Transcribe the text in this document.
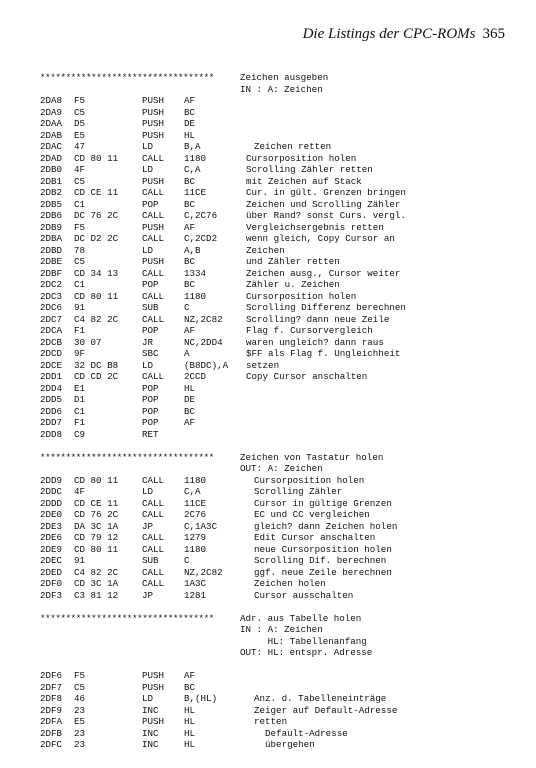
Die Listings der CPC-ROMs 365
**********************************	Zeichen ausgeben
IN : A: Zeichen
2DA8	F5	PUSH	AF
2DA9	C5	PUSH	BC
2DAA	D5	PUSH	DE
2DAB	E5	PUSH	HL
2DAC	47	LD	B,A	Zeichen retten
2DAD	CD 80 11	CALL	1180	Cursorposition holen
2DB0	4F	LD	C,A	Scrolling Zähler retten
2DB1	C5	PUSH	BC	mit Zeichen auf Stack
2DB2	CD CE 11	CALL	11CE	Cur. in gült. Grenzen bringen
2DB5	C1	POP	BC	Zeichen und Scrolling Zähler
2DB6	DC 76 2C	CALL	C,2C76	über Rand? sonst Curs. vergl.
2DB9	F5	PUSH	AF	Vergleichsergebnis retten
2DBA	DC D2 2C	CALL	C,2CD2	wenn gleich, Copy Cursor an
2DBD	78	LD	A,B	Zeichen
2DBE	C5	PUSH	BC	und Zähler retten
2DBF	CD 34 13	CALL	1334	Zeichen ausg., Cursor weiter
2DC2	C1	POP	BC	Zähler u. Zeichen
2DC3	CD 80 11	CALL	1180	Cursorposition holen
2DC6	91	SUB	C	Scrolling Differenz berechnen
2DC7	C4 82 2C	CALL	NZ,2C82	Scrolling? dann neue Zeile
2DCA	F1	POP	AF	Flag f. Cursorvergleich
2DCB	30 07	JR	NC,2DD4	waren ungleich? dann raus
2DCD	9F	SBC	A	$FF als Flag f. Ungleichheit
2DCE	32 DC B8	LD	(B8DC),A	setzen
2DD1	CD CD 2C	CALL	2CCD	Copy Cursor anschalten
2DD4	E1	POP	HL
2DD5	D1	POP	DE
2DD6	C1	POP	BC
2DD7	F1	POP	AF
2DD8	C9	RET
**********************************	Zeichen von Tastatur holen
OUT: A: Zeichen
2DD9	CD 80 11	CALL	1180	Cursorposition holen
2DDC	4F	LD	C,A	Scrolling Zähler
2DDD	CD CE 11	CALL	11CE	Cursor in gültige Grenzen
2DE0	CD 76 2C	CALL	2C76	EC und CC vergleichen
2DE3	DA 3C 1A	JP	C,1A3C	gleich? dann Zeichen holen
2DE6	CD 79 12	CALL	1279	Edit Cursor anschalten
2DE9	CD 80 11	CALL	1180	neue Cursorposition holen
2DEC	91	SUB	C	Scrolling Dif. berechnen
2DED	C4 82 2C	CALL	NZ,2C82	ggf. neue Zeile berechnen
2DF0	CD 3C 1A	CALL	1A3C	Zeichen holen
2DF3	C3 81 12	JP	1281	Cursor ausschalten
**********************************	Adr. aus Tabelle holen
IN : A: Zeichen
HL: Tabellenanfang
OUT: HL: entspr. Adresse
2DF6	F5	PUSH	AF
2DF7	C5	PUSH	BC
2DF8	46	LD	B,(HL)	Anz. d. Tabelleneinträge
2DF9	23	INC	HL	Zeiger auf Default-Adresse
2DFA	E5	PUSH	HL	retten
2DFB	23	INC	HL	Default-Adresse
2DFC	23	INC	HL	übergehen
